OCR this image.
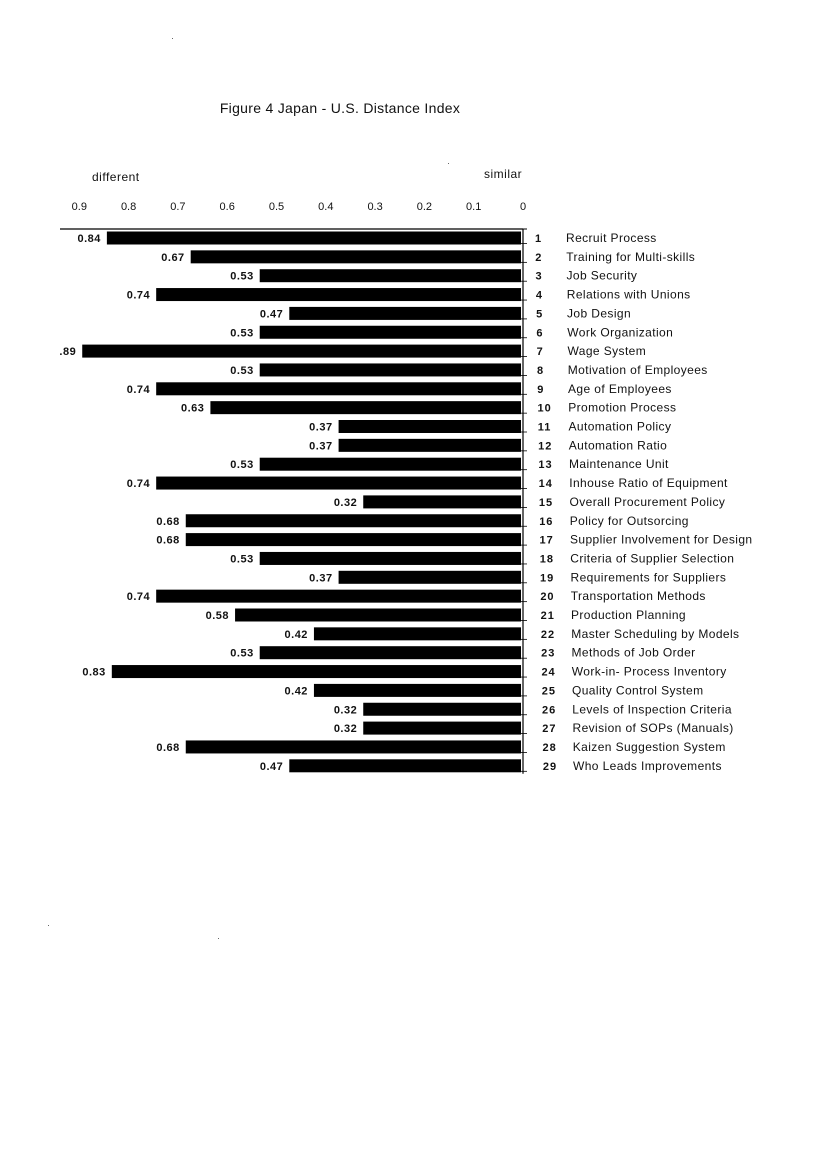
Figure 4 Japan - U.S. Distance Index
different	similar
0.9	0.8	0.7	0.6	0.5	0.4	0.3	0.2	0.1	0
0.84	1 Recruit Process
0.67	2 Training for Multi-skills
0.53	3 Job Security
0.74	4 Relations with Unions
0.47	5 Job Design
0.53	6 Work Organization
.89	7 Wage System
0.53	8 Motivation of Employees
0.74	9 Age of Employees
0.63	10 Promotion Process
0.37	11 Automation Policy
0.37	12 Automation Ratio
0.53	13 Maintenance Unit
0.74	14 Inhouse Ratio of Equipment
0.32	15 Overall Procurement Policy
0.68	16 Policy for Outsorcing
0.68	17 Supplier Involvement for Design
0.53	18 Criteria of Supplier Selection
0.37	19 Requirements for Suppliers
0.74	20 Transportation Methods
0.58	21 Production Planning
0.42	22 Master Scheduling by Models
0.53	23 Methods of Job Order
0.83	24 Work-in- Process Inventory
0.42	25 Quality Control System
0.32	26 Levels of Inspection Criteria
0.32	27 Revision of SOPs (Manuals)
0.68	28 Kaizen Suggestion System
0.47	29 Who Leads Improvements
